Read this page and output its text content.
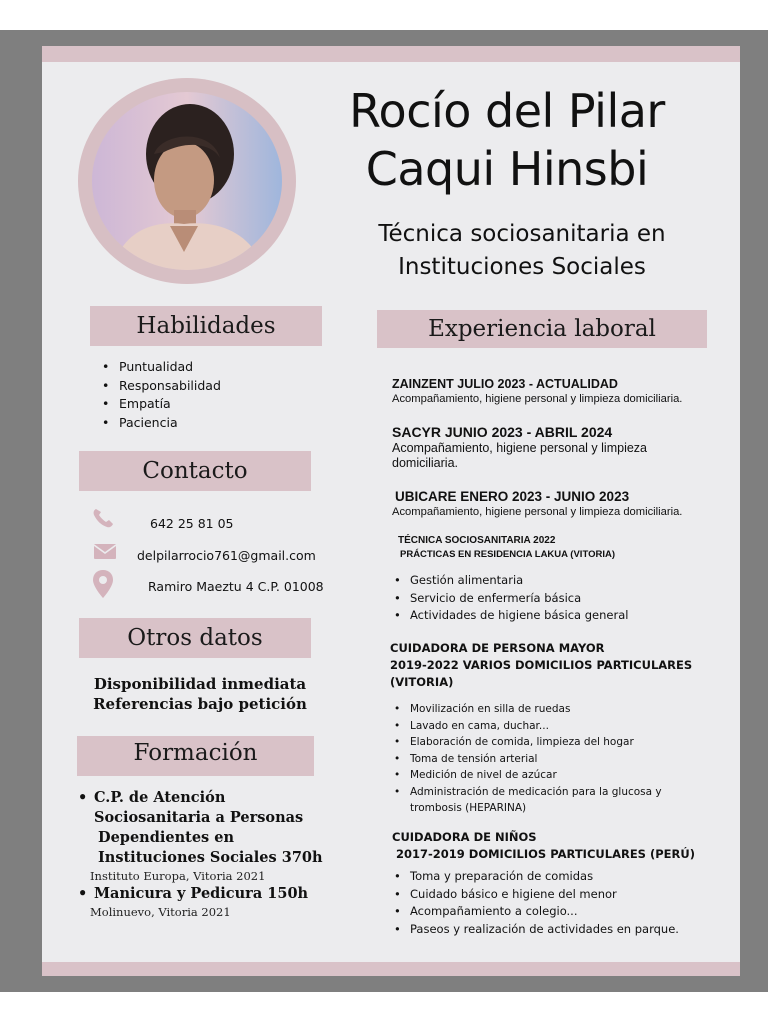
Rocío del Pilar
Caqui Hinsbi
Técnica sociosanitaria en
Instituciones Sociales
Habilidades
• Puntualidad
• Responsabilidad
• Empatía
• Paciencia
Contacto
642 25 81 05
delpilarrocio761@gmail.com
Ramiro Maeztu 4 C.P. 01008
Otros datos
Disponibilidad inmediata
Referencias bajo petición
Formación
• C.P. de Atención
Sociosanitaria a Personas
Dependientes en
Instituciones Sociales 370h
Instituto Europa, Vitoria 2021
• Manicura y Pedicura 150h
Molinuevo, Vitoria 2021
Experiencia laboral
ZAINZENT JULIO 2023 - ACTUALIDAD
Acompañamiento, higiene personal y limpieza domiciliaria.
SACYR JUNIO 2023 - ABRIL 2024
Acompañamiento, higiene personal y limpieza domiciliaria.
UBICARE ENERO 2023 - JUNIO 2023
Acompañamiento, higiene personal y limpieza domiciliaria.
TÉCNICA SOCIOSANITARIA 2022
PRÁCTICAS EN RESIDENCIA LAKUA (VITORIA)
• Gestión alimentaria
• Servicio de enfermería básica
• Actividades de higiene básica general
CUIDADORA DE PERSONA MAYOR
2019-2022 VARIOS DOMICILIOS PARTICULARES
(VITORIA)
• Movilización en silla de ruedas
• Lavado en cama, duchar...
• Elaboración de comida, limpieza del hogar
• Toma de tensión arterial
• Medición de nivel de azúcar
• Administración de medicación para la glucosa y trombosis (HEPARINA)
CUIDADORA DE NIÑOS
2017-2019 DOMICILIOS PARTICULARES (PERÚ)
• Toma y preparación de comidas
• Cuidado básico e higiene del menor
• Acompañamiento a colegio...
• Paseos y realización de actividades en parque.
